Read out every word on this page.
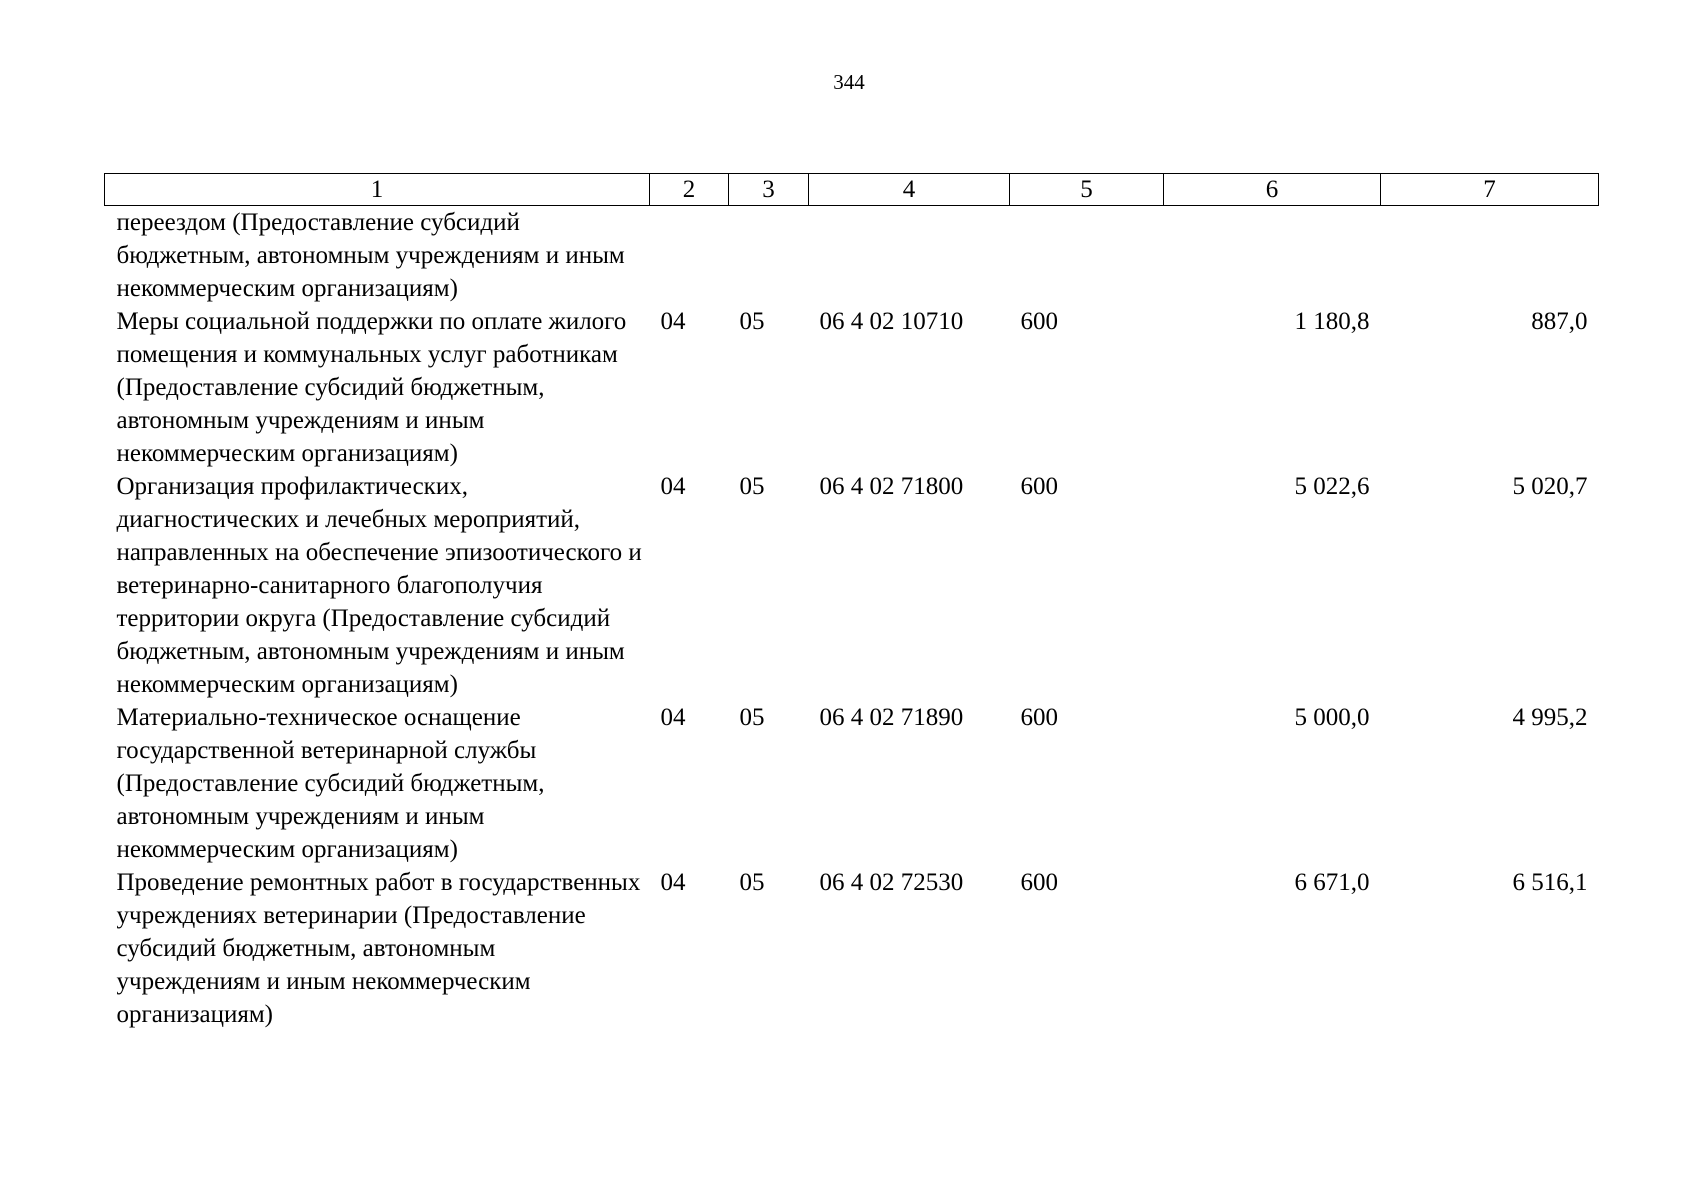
344
1	2	3	4	5	6	7
переездом (Предоставление субсидий бюджетным, автономным учреждениям и иным некоммерческим организациям)						
Меры социальной поддержки по оплате жилого помещения и коммунальных услуг работникам (Предоставление субсидий бюджетным, автономным учреждениям и иным некоммерческим организациям)	04	05	06 4 02 10710	600	1 180,8	887,0
Организация профилактических, диагностических и лечебных мероприятий, направленных на обеспечение эпизоотического и ветеринарно-санитарного благополучия территории округа (Предоставление субсидий бюджетным, автономным учреждениям и иным некоммерческим организациям)	04	05	06 4 02 71800	600	5 022,6	5 020,7
Материально-техническое оснащение государственной ветеринарной службы (Предоставление субсидий бюджетным, автономным учреждениям и иным некоммерческим организациям)	04	05	06 4 02 71890	600	5 000,0	4 995,2
Проведение ремонтных работ в государственных учреждениях ветеринарии (Предоставление субсидий бюджетным, автономным учреждениям и иным некоммерческим организациям)	04	05	06 4 02 72530	600	6 671,0	6 516,1
